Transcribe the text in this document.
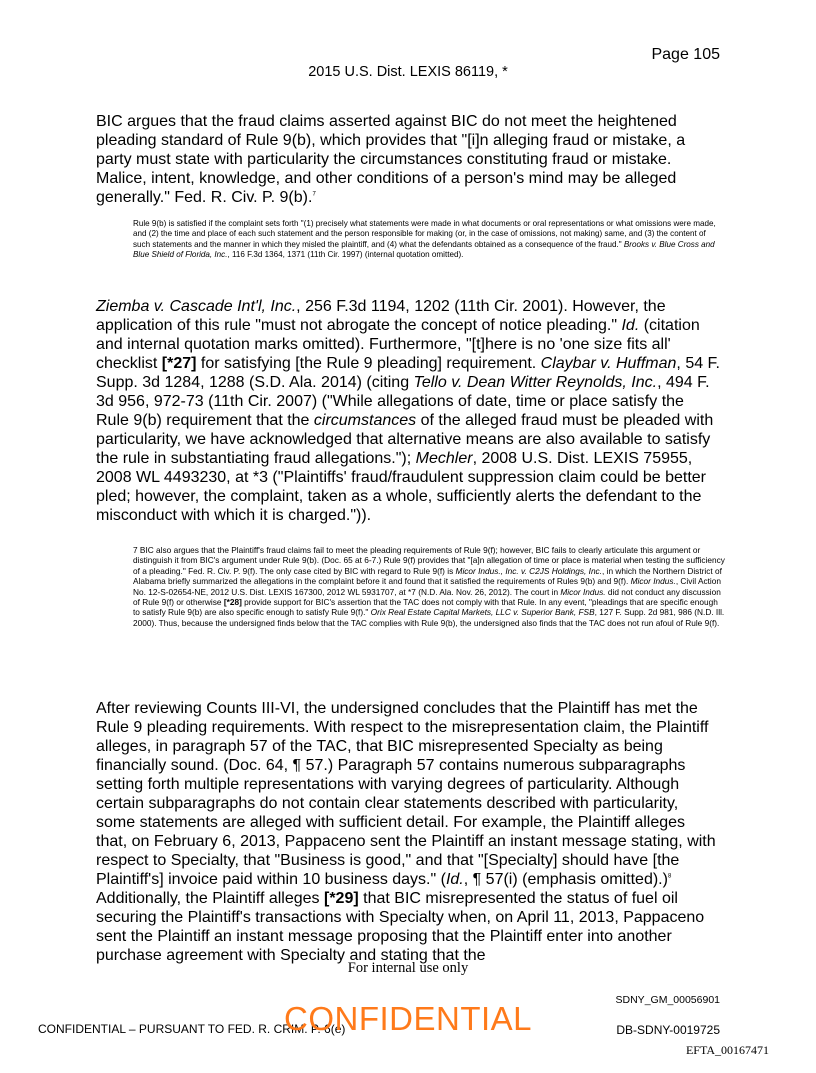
Page 105
2015 U.S. Dist. LEXIS 86119, *

BIC argues that the fraud claims asserted against BIC do not meet the heightened pleading standard of Rule 9(b), which provides that "[i]n alleging fraud or mistake, a party must state with particularity the circumstances constituting fraud or mistake. Malice, intent, knowledge, and other conditions of a person's mind may be alleged generally." Fed. R. Civ. P. 9(b).$^7$

Rule 9(b) is satisfied if the complaint sets forth "(1) precisely what statements were made in what documents or oral representations or what omissions were made, and (2) the time and place of each such statement and the person responsible for making (or, in the case of omissions, not making) same, and (3) the content of such statements and the manner in which they misled the plaintiff, and (4) what the defendants obtained as a consequence of the fraud." Brooks v. Blue Cross and Blue Shield of Florida, Inc., 116 F.3d 1364, 1371 (11th Cir. 1997) (internal quotation omitted).

Ziemba v. Cascade Int'l, Inc., 256 F.3d 1194, 1202 (11th Cir. 2001). However, the application of this rule "must not abrogate the concept of notice pleading." Id. (citation and internal quotation marks omitted). Furthermore, "[t]here is no 'one size fits all' checklist [*27] for satisfying [the Rule 9 pleading] requirement. Claybar v. Huffman, 54 F. Supp. 3d 1284, 1288 (S.D. Ala. 2014) (citing Tello v. Dean Witter Reynolds, Inc., 494 F. 3d 956, 972-73 (11th Cir. 2007) ("While allegations of date, time or place satisfy the Rule 9(b) requirement that the circumstances of the alleged fraud must be pleaded with particularity, we have acknowledged that alternative means are also available to satisfy the rule in substantiating fraud allegations."); Mechler, 2008 U.S. Dist. LEXIS 75955, 2008 WL 4493230, at *3 ("Plaintiffs' fraud/fraudulent suppression claim could be better pled; however, the complaint, taken as a whole, sufficiently alerts the defendant to the misconduct with which it is charged.")).

7 BIC also argues that the Plaintiff's fraud claims fail to meet the pleading requirements of Rule 9(f); however, BIC fails to clearly articulate this argument or distinguish it from BIC's argument under Rule 9(b). (Doc. 65 at 6-7.) Rule 9(f) provides that "[a]n allegation of time or place is material when testing the sufficiency of a pleading." Fed. R. Civ. P. 9(f). The only case cited by BIC with regard to Rule 9(f) is Micor Indus., Inc. v. C2JS Holdings, Inc., in which the Northern District of Alabama briefly summarized the allegations in the complaint before it and found that it satisfied the requirements of Rules 9(b) and 9(f). Micor Indus., Civil Action No. 12-S-02654-NE, 2012 U.S. Dist. LEXIS 167300, 2012 WL 5931707, at *7 (N.D. Ala. Nov. 26, 2012). The court in Micor Indus. did not conduct any discussion of Rule 9(f) or otherwise [*28] provide support for BIC's assertion that the TAC does not comply with that Rule. In any event, "pleadings that are specific enough to satisfy Rule 9(b) are also specific enough to satisfy Rule 9(f)." Orix Real Estate Capital Markets, LLC v. Superior Bank, FSB, 127 F. Supp. 2d 981, 986 (N.D. Ill. 2000). Thus, because the undersigned finds below that the TAC complies with Rule 9(b), the undersigned also finds that the TAC does not run afoul of Rule 9(f).

After reviewing Counts III-VI, the undersigned concludes that the Plaintiff has met the Rule 9 pleading requirements. With respect to the misrepresentation claim, the Plaintiff alleges, in paragraph 57 of the TAC, that BIC misrepresented Specialty as being financially sound. (Doc. 64, ¶ 57.) Paragraph 57 contains numerous subparagraphs setting forth multiple representations with varying degrees of particularity. Although certain subparagraphs do not contain clear statements described with particularity, some statements are alleged with sufficient detail. For example, the Plaintiff alleges that, on February 6, 2013, Pappaceno sent the Plaintiff an instant message stating, with respect to Specialty, that "Business is good," and that "[Specialty] should have [the Plaintiff's] invoice paid within 10 business days." (Id., ¶ 57(i) (emphasis omitted).)$^8$ Additionally, the Plaintiff alleges [*29] that BIC misrepresented the status of fuel oil securing the Plaintiff's transactions with Specialty when, on April 11, 2013, Pappaceno sent the Plaintiff an instant message proposing that the Plaintiff enter into another purchase agreement with Specialty and stating that the

For internal use only
SDNY_GM_00056901
CONFIDENTIAL – PURSUANT TO FED. R. CRIM. P. 6(e)
CONFIDENTIAL	DB-SDNY-0019725
EFTA_00167471
